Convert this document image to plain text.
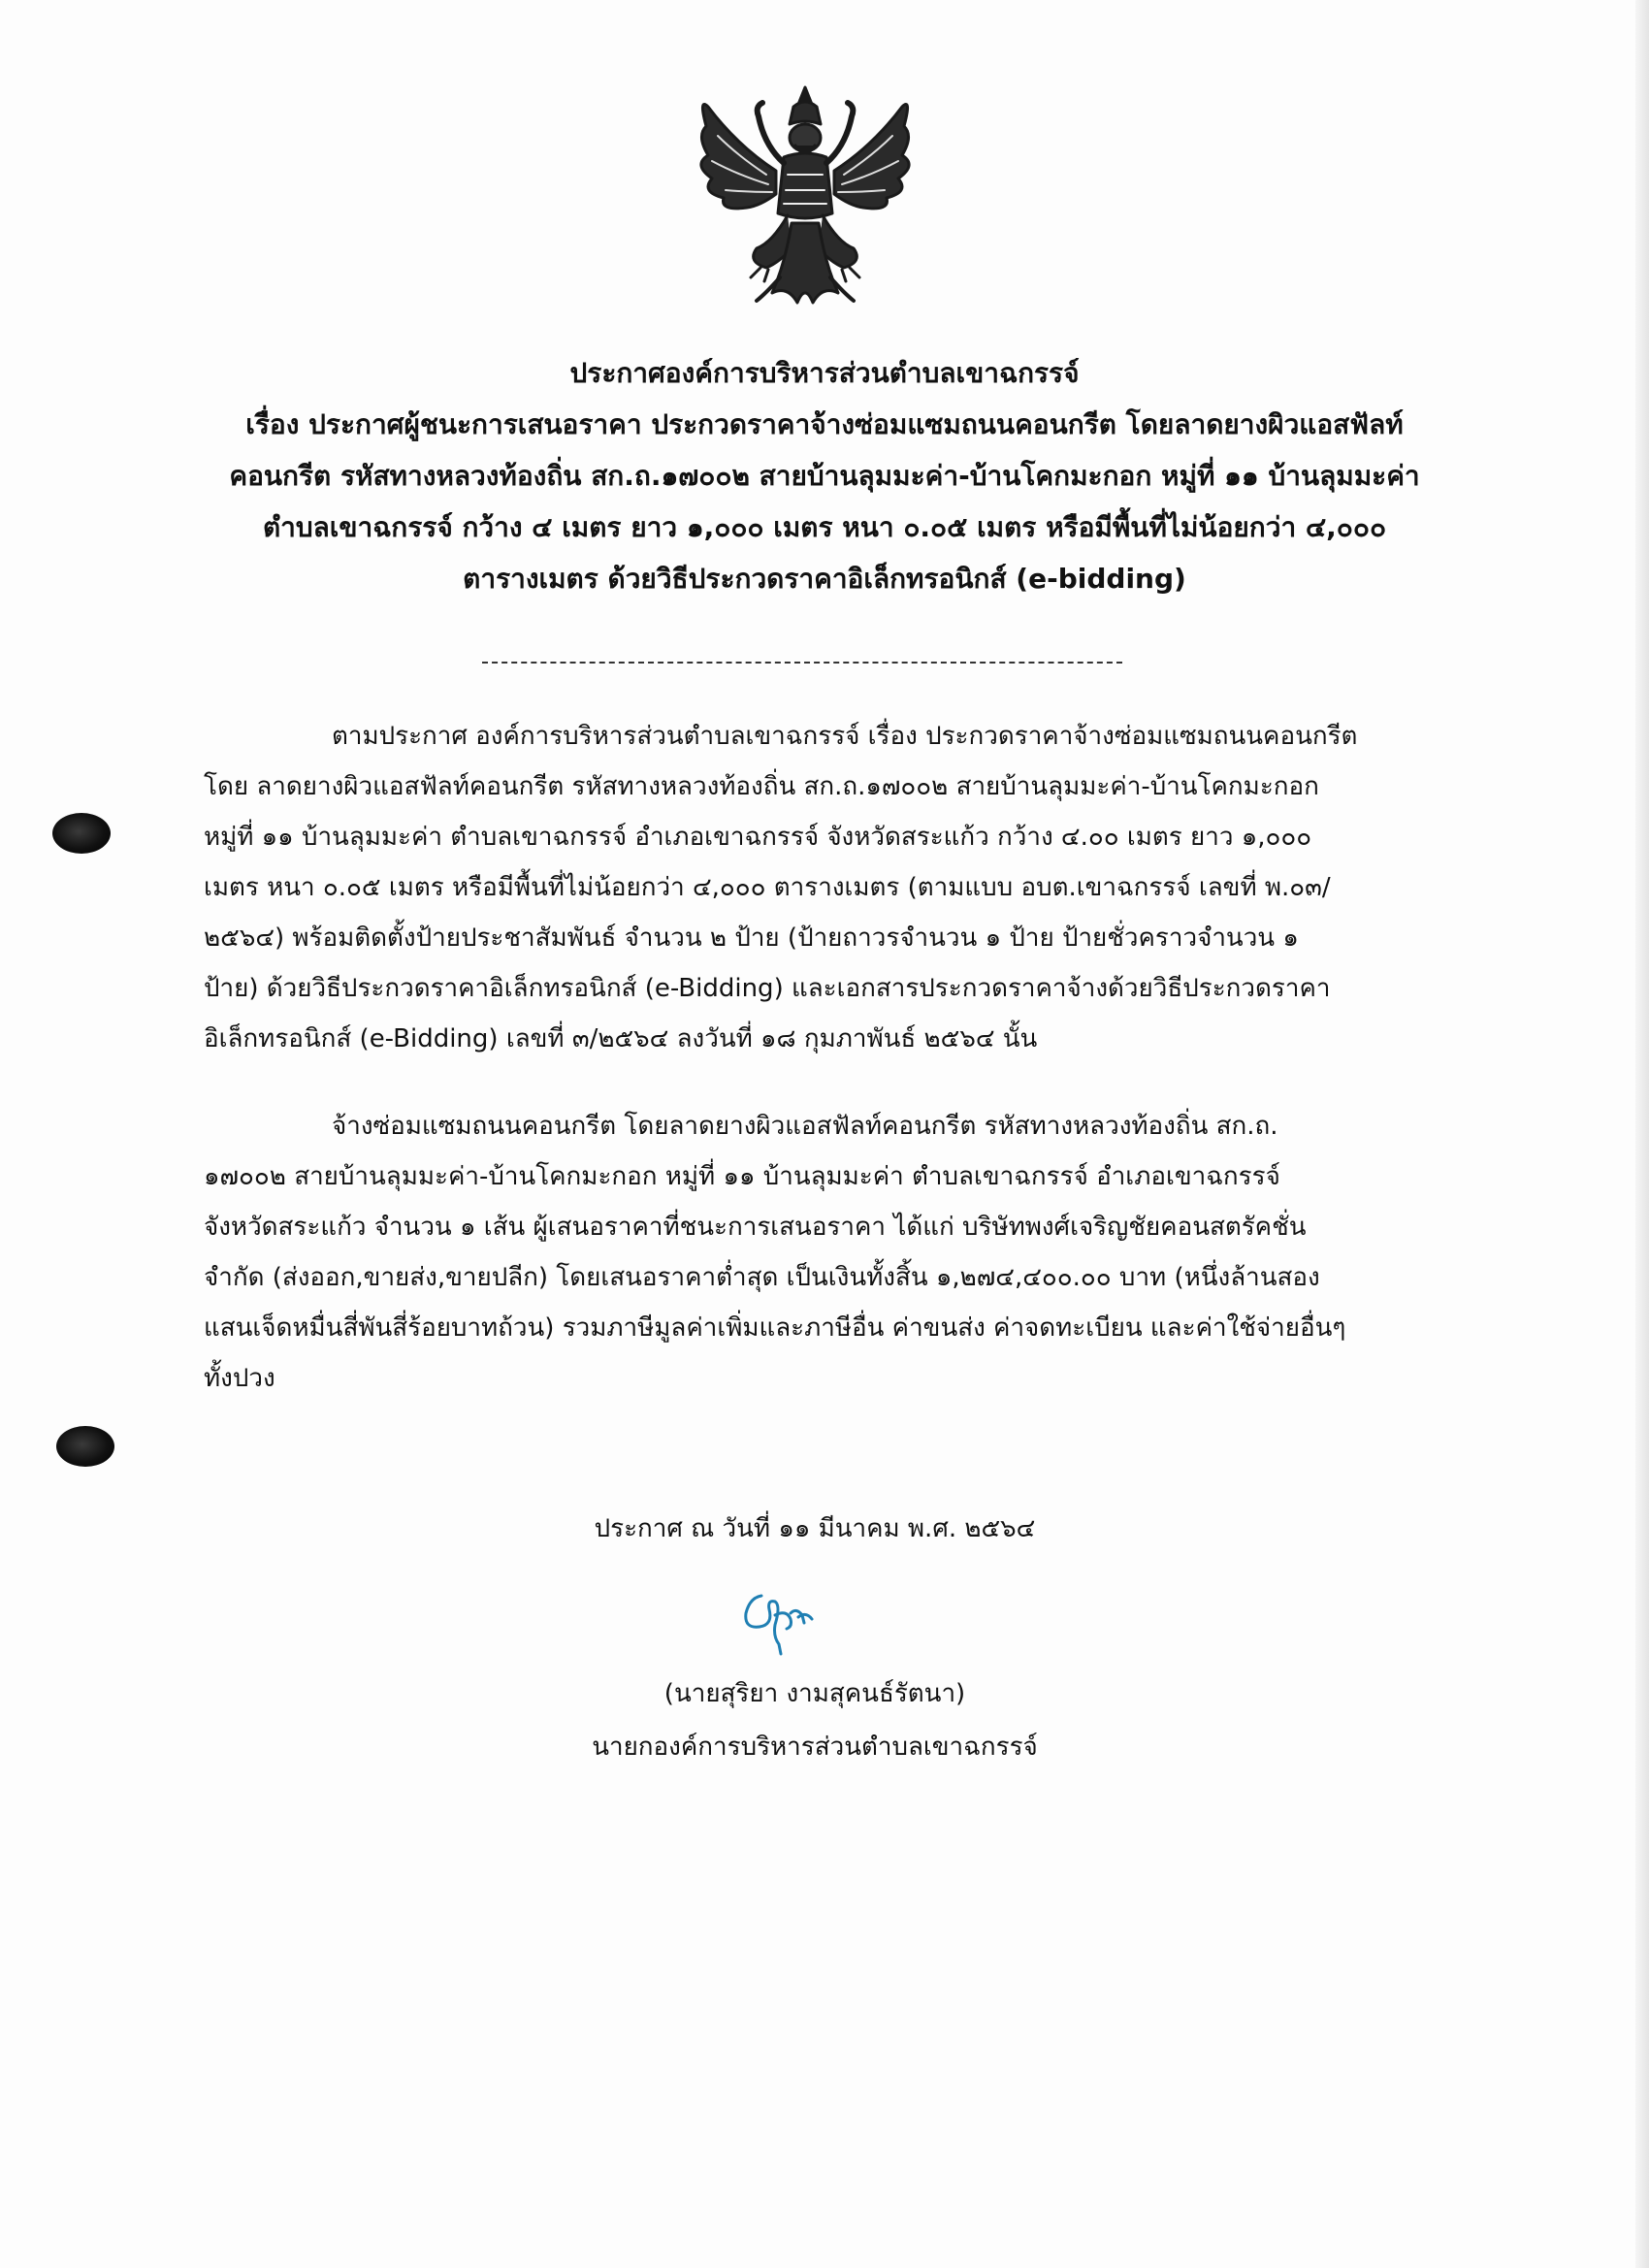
ประกาศองค์การบริหารส่วนตำบลเขาฉกรรจ์
เรื่อง ประกาศผู้ชนะการเสนอราคา ประกวดราคาจ้างซ่อมแซมถนนคอนกรีต โดยลาดยางผิวแอสฟัลท์
คอนกรีต รหัสทางหลวงท้องถิ่น สก.ถ.๑๗๐๐๒ สายบ้านลุมมะค่า-บ้านโคกมะกอก หมู่ที่ ๑๑ บ้านลุมมะค่า
ตำบลเขาฉกรรจ์ กว้าง ๔ เมตร ยาว ๑,๐๐๐ เมตร หนา ๐.๐๕ เมตร หรือมีพื้นที่ไม่น้อยกว่า ๔,๐๐๐
ตารางเมตร ด้วยวิธีประกวดราคาอิเล็กทรอนิกส์ (e-bidding)
ตามประกาศ องค์การบริหารส่วนตำบลเขาฉกรรจ์ เรื่อง ประกวดราคาจ้างซ่อมแซมถนนคอนกรีต
โดย ลาดยางผิวแอสฟัลท์คอนกรีต รหัสทางหลวงท้องถิ่น สก.ถ.๑๗๐๐๒ สายบ้านลุมมะค่า-บ้านโคกมะกอก
หมู่ที่ ๑๑ บ้านลุมมะค่า ตำบลเขาฉกรรจ์ อำเภอเขาฉกรรจ์ จังหวัดสระแก้ว กว้าง ๔.๐๐ เมตร ยาว ๑,๐๐๐
เมตร หนา ๐.๐๕ เมตร หรือมีพื้นที่ไม่น้อยกว่า ๔,๐๐๐ ตารางเมตร (ตามแบบ อบต.เขาฉกรรจ์ เลขที่ พ.๐๓/
๒๕๖๔) พร้อมติดตั้งป้ายประชาสัมพันธ์ จำนวน ๒ ป้าย (ป้ายถาวรจำนวน ๑ ป้าย ป้ายชั่วคราวจำนวน ๑
ป้าย) ด้วยวิธีประกวดราคาอิเล็กทรอนิกส์ (e-Bidding) และเอกสารประกวดราคาจ้างด้วยวิธีประกวดราคา
อิเล็กทรอนิกส์ (e-Bidding) เลขที่ ๓/๒๕๖๔ ลงวันที่ ๑๘ กุมภาพันธ์ ๒๕๖๔ นั้น
จ้างซ่อมแซมถนนคอนกรีต โดยลาดยางผิวแอสฟัลท์คอนกรีต รหัสทางหลวงท้องถิ่น สก.ถ.
๑๗๐๐๒ สายบ้านลุมมะค่า-บ้านโคกมะกอก หมู่ที่ ๑๑ บ้านลุมมะค่า ตำบลเขาฉกรรจ์ อำเภอเขาฉกรรจ์
จังหวัดสระแก้ว จำนวน ๑ เส้น ผู้เสนอราคาที่ชนะการเสนอราคา ได้แก่ บริษัทพงศ์เจริญชัยคอนสตรัคชั่น
จำกัด (ส่งออก,ขายส่ง,ขายปลีก) โดยเสนอราคาต่ำสุด เป็นเงินทั้งสิ้น ๑,๒๗๔,๔๐๐.๐๐ บาท (หนึ่งล้านสอง
แสนเจ็ดหมื่นสี่พันสี่ร้อยบาทถ้วน) รวมภาษีมูลค่าเพิ่มและภาษีอื่น ค่าขนส่ง ค่าจดทะเบียน และค่าใช้จ่ายอื่นๆ
ทั้งปวง
ประกาศ ณ วันที่ ๑๑ มีนาคม พ.ศ. ๒๕๖๔
(นายสุริยา งามสุคนธ์รัตนา)
นายกองค์การบริหารส่วนตำบลเขาฉกรรจ์
